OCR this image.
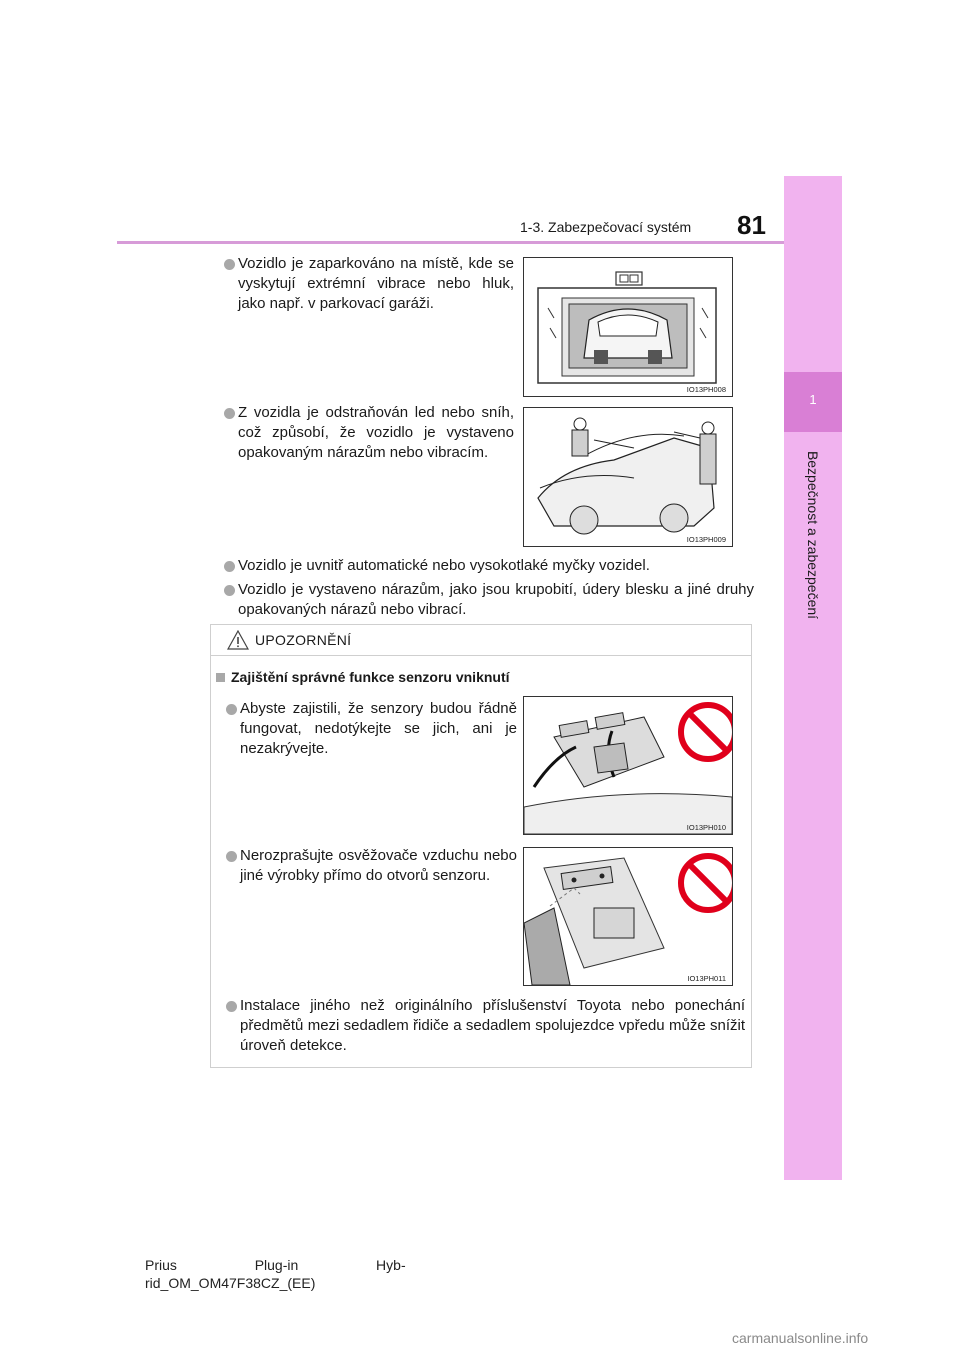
1
Bezpečnost a zabezpečení
1-3. Zabezpečovací systém 81
Vozidlo je zaparkováno na místě, kde se vyskytují extrémní vibrace nebo hluk, jako např. v parkovací garáži.
IO13PH008
Z vozidla je odstraňován led nebo sníh, což způsobí, že vozidlo je vystaveno opakovaným nárazům nebo vibracím.
IO13PH009
Vozidlo je uvnitř automatické nebo vysokotlaké myčky vozidel.
Vozidlo je vystaveno nárazům, jako jsou krupobití, údery blesku a jiné druhy opakovaných nárazů nebo vibrací.
UPOZORNĚNÍ
Zajištění správné funkce senzoru vniknutí
Abyste zajistili, že senzory budou řádně fungovat, nedotýkejte se jich, ani je nezakrývejte.
IO13PH010
Nerozprašujte osvěžovače vzduchu nebo jiné výrobky přímo do otvorů senzoru.
IO13PH011
Instalace jiného než originálního příslušenství Toyota nebo ponechání předmětů mezi sedadlem řidiče a sedadlem spolujezdce vpředu může snížit úroveň detekce.
Prius                    Plug-in                    Hyb-
rid_OM_OM47F38CZ_(EE)
carmanualsonline.info
